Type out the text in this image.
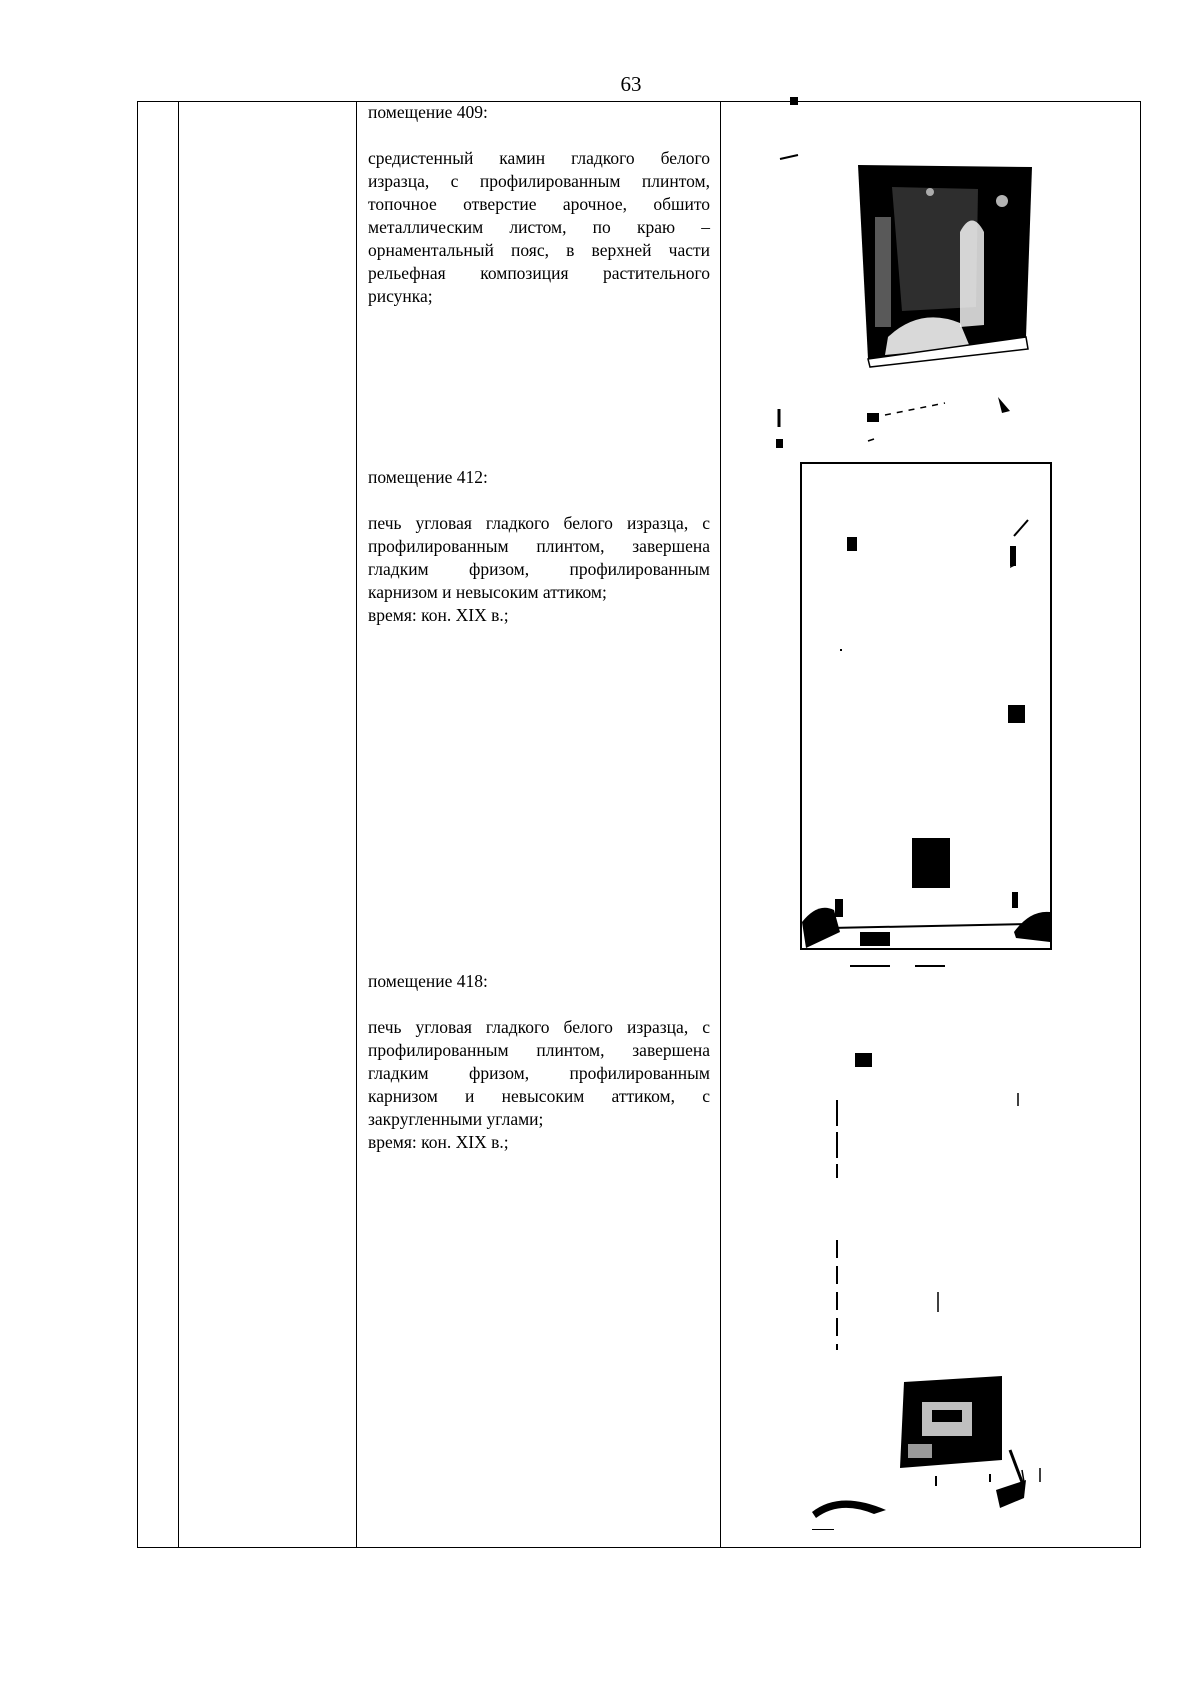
63

помещение 409:

средистенный камин гладкого белого изразца, с профилированным плинтом, топочное отверстие арочное, обшито металлическим листом, по краю – орнаментальный пояс, в верхней части рельефная композиция растительного рисунка;

помещение 412:

печь угловая гладкого белого изразца, с профилированным плинтом, завершена гладким фризом, профилированным карнизом и невысоким аттиком;

время: кон. XIX в.;

помещение 418:

печь угловая гладкого белого изразца, с профилированным плинтом, завершена гладким фризом, профилированным карнизом и невысоким аттиком, с закругленными углами;

время: кон. XIX в.;
